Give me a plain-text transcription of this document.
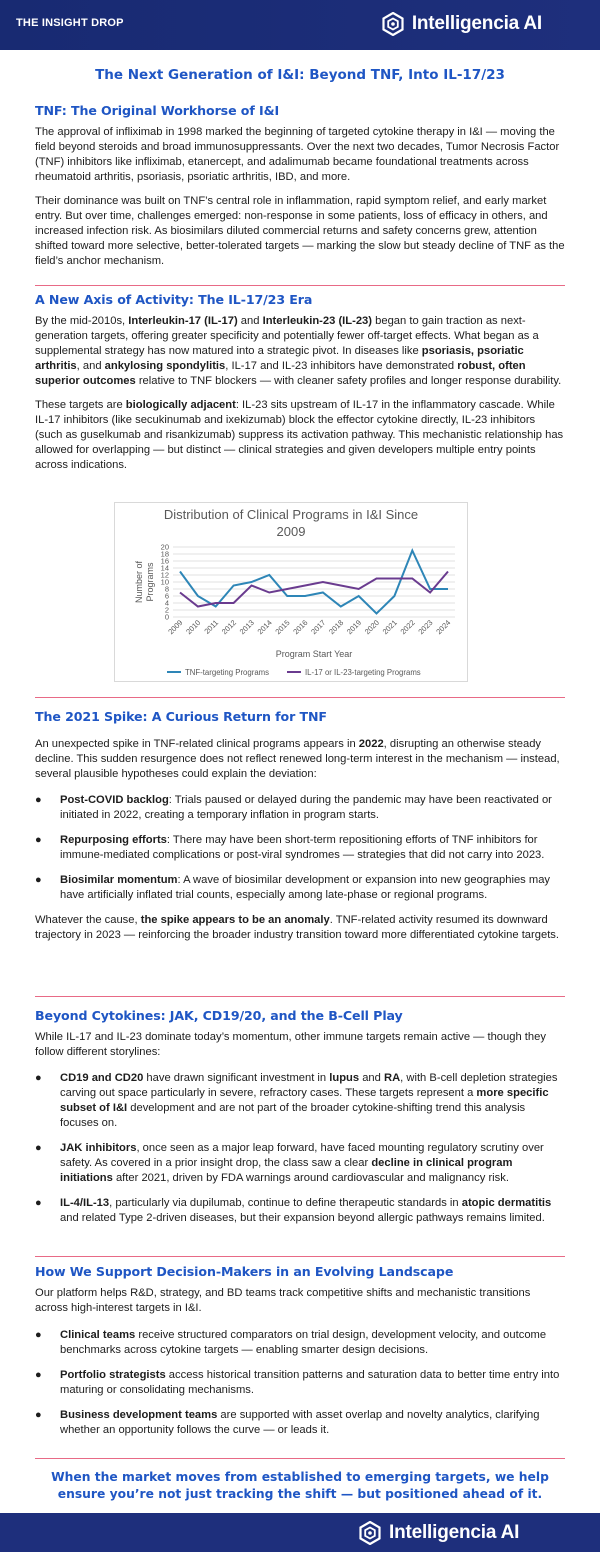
THE INSIGHT DROP	Intelligencia AI
The Next Generation of I&I: Beyond TNF, Into IL-17/23
TNF: The Original Workhorse of I&I

The approval of infliximab in 1998 marked the beginning of targeted cytokine therapy in I&I — moving the field beyond steroids and broad immunosuppressants. Over the next two decades, Tumor Necrosis Factor (TNF) inhibitors like infliximab, etanercept, and adalimumab became foundational treatments across rheumatoid arthritis, psoriasis, psoriatic arthritis, IBD, and more.

Their dominance was built on TNF’s central role in inflammation, rapid symptom relief, and early market entry. But over time, challenges emerged: non-response in some patients, loss of efficacy in others, and increased infection risk. As biosimilars diluted commercial returns and safety concerns grew, attention shifted toward more selective, better-tolerated targets — marking the slow but steady decline of TNF as the field’s anchor mechanism.

A New Axis of Activity: The IL-17/23 Era

By the mid-2010s, Interleukin-17 (IL-17) and Interleukin-23 (IL-23) began to gain traction as next-generation targets, offering greater specificity and potentially fewer off-target effects. What began as a supplemental strategy has now matured into a strategic pivot. In diseases like psoriasis, psoriatic arthritis, and ankylosing spondylitis, IL-17 and IL-23 inhibitors have demonstrated robust, often superior outcomes relative to TNF blockers — with cleaner safety profiles and longer response durability.

These targets are biologically adjacent: IL-23 sits upstream of IL-17 in the inflammatory cascade. While IL-17 inhibitors (like secukinumab and ixekizumab) block the effector cytokine directly, IL-23 inhibitors (such as guselkumab and risankizumab) suppress its activation pathway. This mechanistic relationship has allowed for overlapping — but distinct — clinical strategies and given developers multiple entry points across indications.

Distribution of Clinical Programs in I&I Since
2009
0
2
4
6
8
10
12
14
16
18
20
Number of Programs
2009 2010 2011 2012 2013 2014 2015 2016 2017 2018 2019 2020 2021 2022 2023 2024
Program Start Year
TNF-targeting Programs	IL-17 or IL-23-targeting Programs
The 2021 Spike: A Curious Return for TNF

An unexpected spike in TNF-related clinical programs appears in 2022, disrupting an otherwise steady decline. This sudden resurgence does not reflect renewed long-term interest in the mechanism — instead, several plausible hypotheses could explain the deviation:

● Post-COVID backlog: Trials paused or delayed during the pandemic may have been reactivated or initiated in 2022, creating a temporary inflation in program starts.
● Repurposing efforts: There may have been short-term repositioning efforts of TNF inhibitors for immune-mediated complications or post-viral syndromes — strategies that did not carry into 2023.
● Biosimilar momentum: A wave of biosimilar development or expansion into new geographies may have artificially inflated trial counts, especially among late-phase or regional programs.

Whatever the cause, the spike appears to be an anomaly. TNF-related activity resumed its downward trajectory in 2023 — reinforcing the broader industry transition toward more differentiated cytokine targets.

Beyond Cytokines: JAK, CD19/20, and the B-Cell Play

While IL-17 and IL-23 dominate today’s momentum, other immune targets remain active — though they follow different storylines:

● CD19 and CD20 have drawn significant investment in lupus and RA, with B-cell depletion strategies carving out space particularly in severe, refractory cases. These targets represent a more specific subset of I&I development and are not part of the broader cytokine-shifting trend this analysis focuses on.
● JAK inhibitors, once seen as a major leap forward, have faced mounting regulatory scrutiny over safety. As covered in a prior insight drop, the class saw a clear decline in clinical program initiations after 2021, driven by FDA warnings around cardiovascular and malignancy risk.
● IL-4/IL-13, particularly via dupilumab, continue to define therapeutic standards in atopic dermatitis and related Type 2-driven diseases, but their expansion beyond allergic pathways remains limited.
How We Support Decision-Makers in an Evolving Landscape

Our platform helps R&D, strategy, and BD teams track competitive shifts and mechanistic transitions across high-interest targets in I&I.

● Clinical teams receive structured comparators on trial design, development velocity, and outcome benchmarks across cytokine targets — enabling smarter design decisions.
● Portfolio strategists access historical transition patterns and saturation data to better time entry into maturing or consolidating mechanisms.
● Business development teams are supported with asset overlap and novelty analytics, clarifying whether an opportunity follows the curve — or leads it.

When the market moves from established to emerging targets, we help ensure you’re not just tracking the shift — but positioned ahead of it.

Intelligencia AI
